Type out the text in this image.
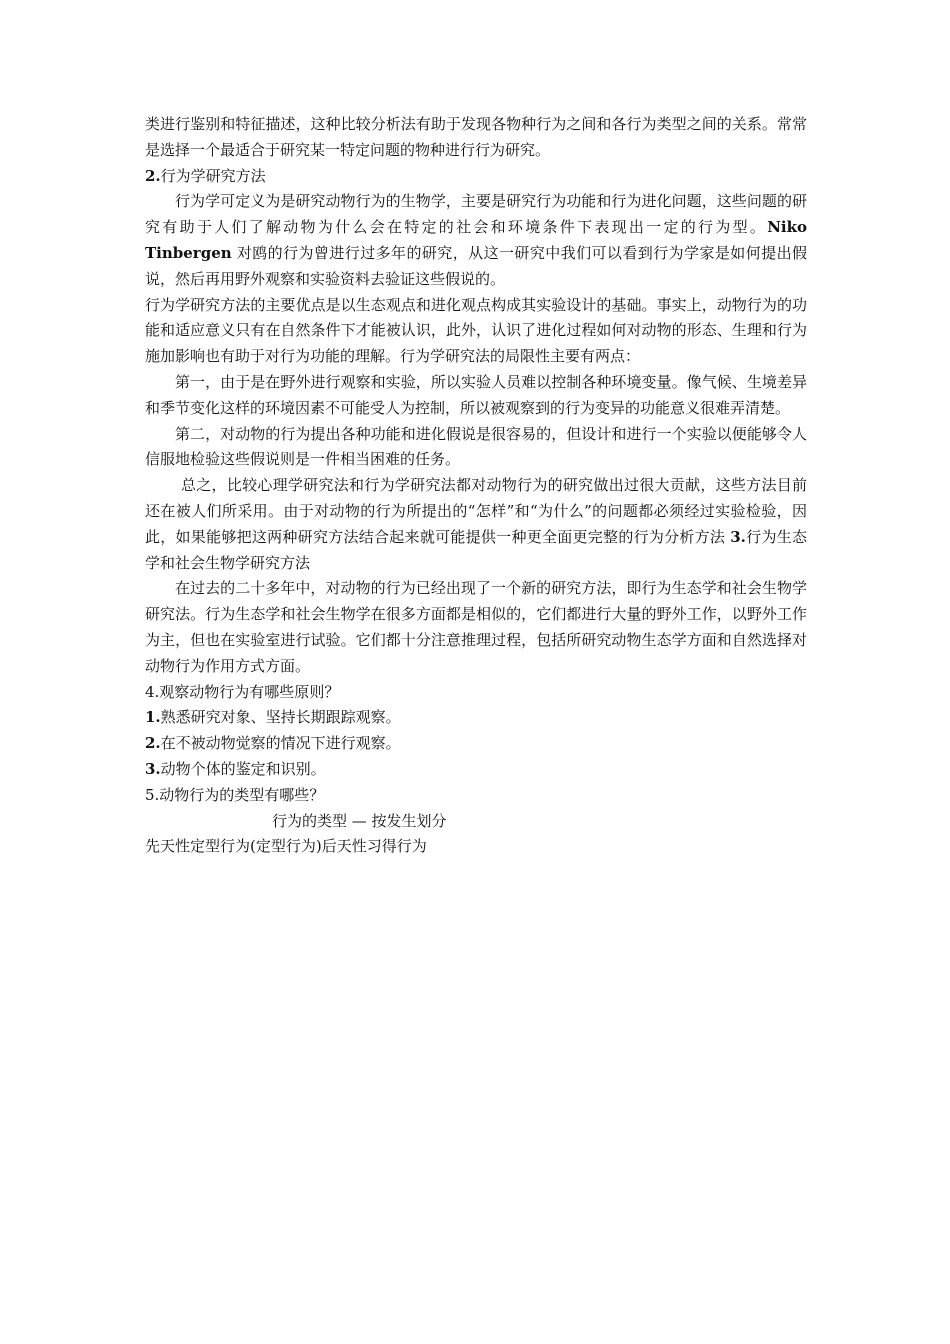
类进行鉴别和特征描述，这种比较分析法有助于发现各物种行为之间和各行为类型之间的关系。常常是选择一个最适合于研究某一特定问题的物种进行行为研究。

2.行为学研究方法

行为学可定义为是研究动物行为的生物学，主要是研究行为功能和行为进化问题，这些问题的研究有助于人们了解动物为什么会在特定的社会和环境条件下表现出一定的行为型。Niko Tinbergen 对鸥的行为曾进行过多年的研究，从这一研究中我们可以看到行为学家是如何提出假说，然后再用野外观察和实验资料去验证这些假说的。

行为学研究方法的主要优点是以生态观点和进化观点构成其实验设计的基础。事实上，动物行为的功能和适应意义只有在自然条件下才能被认识，此外，认识了进化过程如何对动物的形态、生理和行为施加影响也有助于对行为功能的理解。行为学研究法的局限性主要有两点：

第一，由于是在野外进行观察和实验，所以实验人员难以控制各种环境变量。像气候、生境差异和季节变化这样的环境因素不可能受人为控制，所以被观察到的行为变异的功能意义很难弄清楚。

第二，对动物的行为提出各种功能和进化假说是很容易的，但设计和进行一个实验以便能够令人信服地检验这些假说则是一件相当困难的任务。

总之，比较心理学研究法和行为学研究法都对动物行为的研究做出过很大贡献，这些方法目前还在被人们所采用。由于对动物的行为所提出的“怎样”和“为什么”的问题都必须经过实验检验，因此，如果能够把这两种研究方法结合起来就可能提供一种更全面更完整的行为分析方法 3.行为生态学和社会生物学研究方法

在过去的二十多年中，对动物的行为已经出现了一个新的研究方法，即行为生态学和社会生物学研究法。行为生态学和社会生物学在很多方面都是相似的，它们都进行大量的野外工作，以野外工作为主，但也在实验室进行试验。它们都十分注意推理过程，包括所研究动物生态学方面和自然选择对动物行为作用方式方面。

4.观察动物行为有哪些原则？

1.熟悉研究对象、坚持长期跟踪观察。

2.在不被动物觉察的情况下进行观察。

3.动物个体的鉴定和识别。

5.动物行为的类型有哪些？

行为的类型 — 按发生划分

先天性定型行为(定型行为)后天性习得行为
